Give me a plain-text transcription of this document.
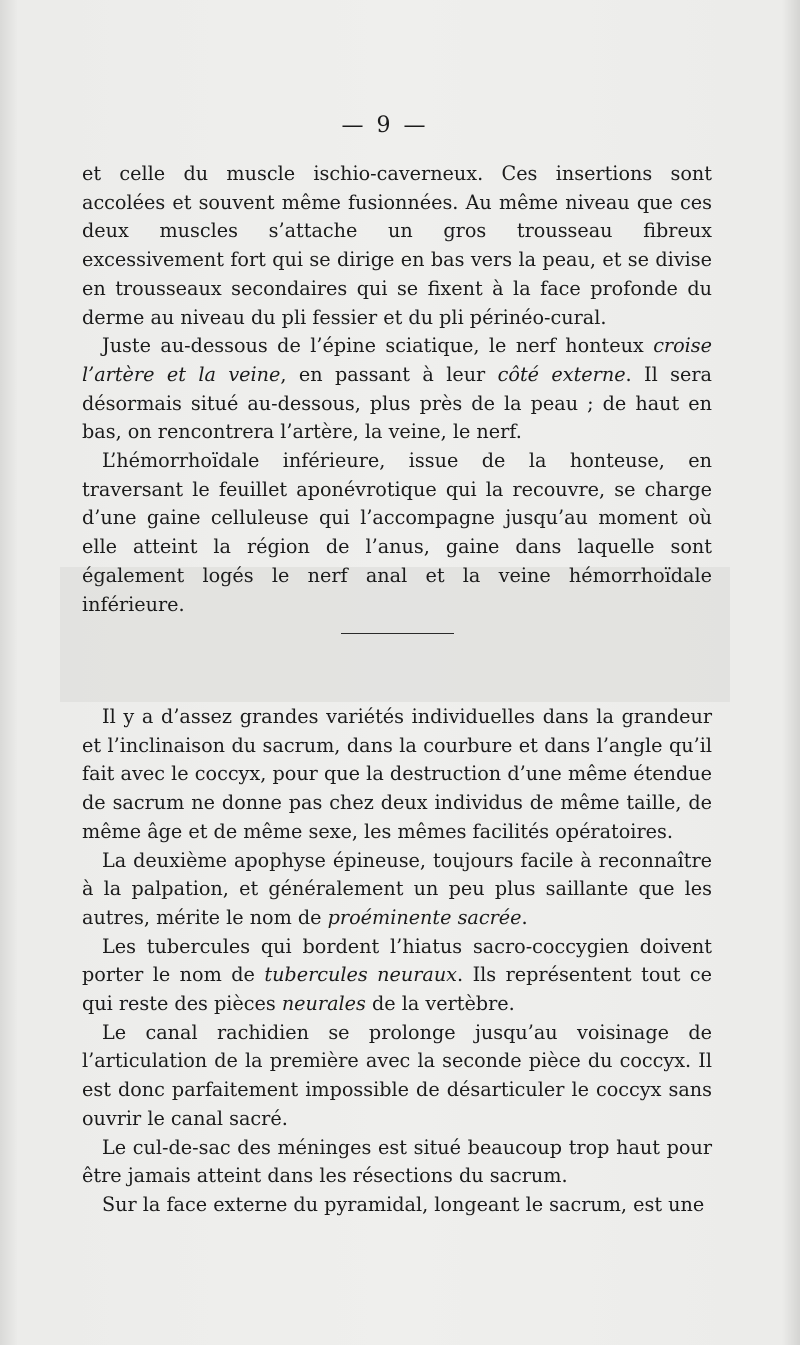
— 9 —

et celle du muscle ischio-caverneux. Ces insertions sont accolées et souvent même fusionnées. Au même niveau que ces deux muscles s’attache un gros trousseau fibreux excessivement fort qui se dirige en bas vers la peau, et se divise en trousseaux secondaires qui se fixent à la face profonde du derme au niveau du pli fessier et du pli périnéo-cural.

Juste au-dessous de l’épine sciatique, le nerf honteux croise l’artère et la veine, en passant à leur côté externe. Il sera désormais situé au-dessous, plus près de la peau ; de haut en bas, on rencontrera l’artère, la veine, le nerf.

L’hémorrhoïdale inférieure, issue de la honteuse, en traversant le feuillet aponévrotique qui la recouvre, se charge d’une gaine celluleuse qui l’accompagne jusqu’au moment où elle atteint la région de l’anus, gaine dans laquelle sont également logés le nerf anal et la veine hémorrhoïdale inférieure.

Il y a d’assez grandes variétés individuelles dans la grandeur et l’inclinaison du sacrum, dans la courbure et dans l’angle qu’il fait avec le coccyx, pour que la destruction d’une même étendue de sacrum ne donne pas chez deux individus de même taille, de même âge et de même sexe, les mêmes facilités opératoires.

La deuxième apophyse épineuse, toujours facile à reconnaître à la palpation, et généralement un peu plus saillante que les autres, mérite le nom de proéminente sacrée.

Les tubercules qui bordent l’hiatus sacro-coccygien doivent porter le nom de tubercules neuraux. Ils représentent tout ce qui reste des pièces neurales de la vertèbre.

Le canal rachidien se prolonge jusqu’au voisinage de l’articulation de la première avec la seconde pièce du coccyx. Il est donc parfaitement impossible de désarticuler le coccyx sans ouvrir le canal sacré.

Le cul-de-sac des méninges est situé beaucoup trop haut pour être jamais atteint dans les résections du sacrum.

Sur la face externe du pyramidal, longeant le sacrum, est une
